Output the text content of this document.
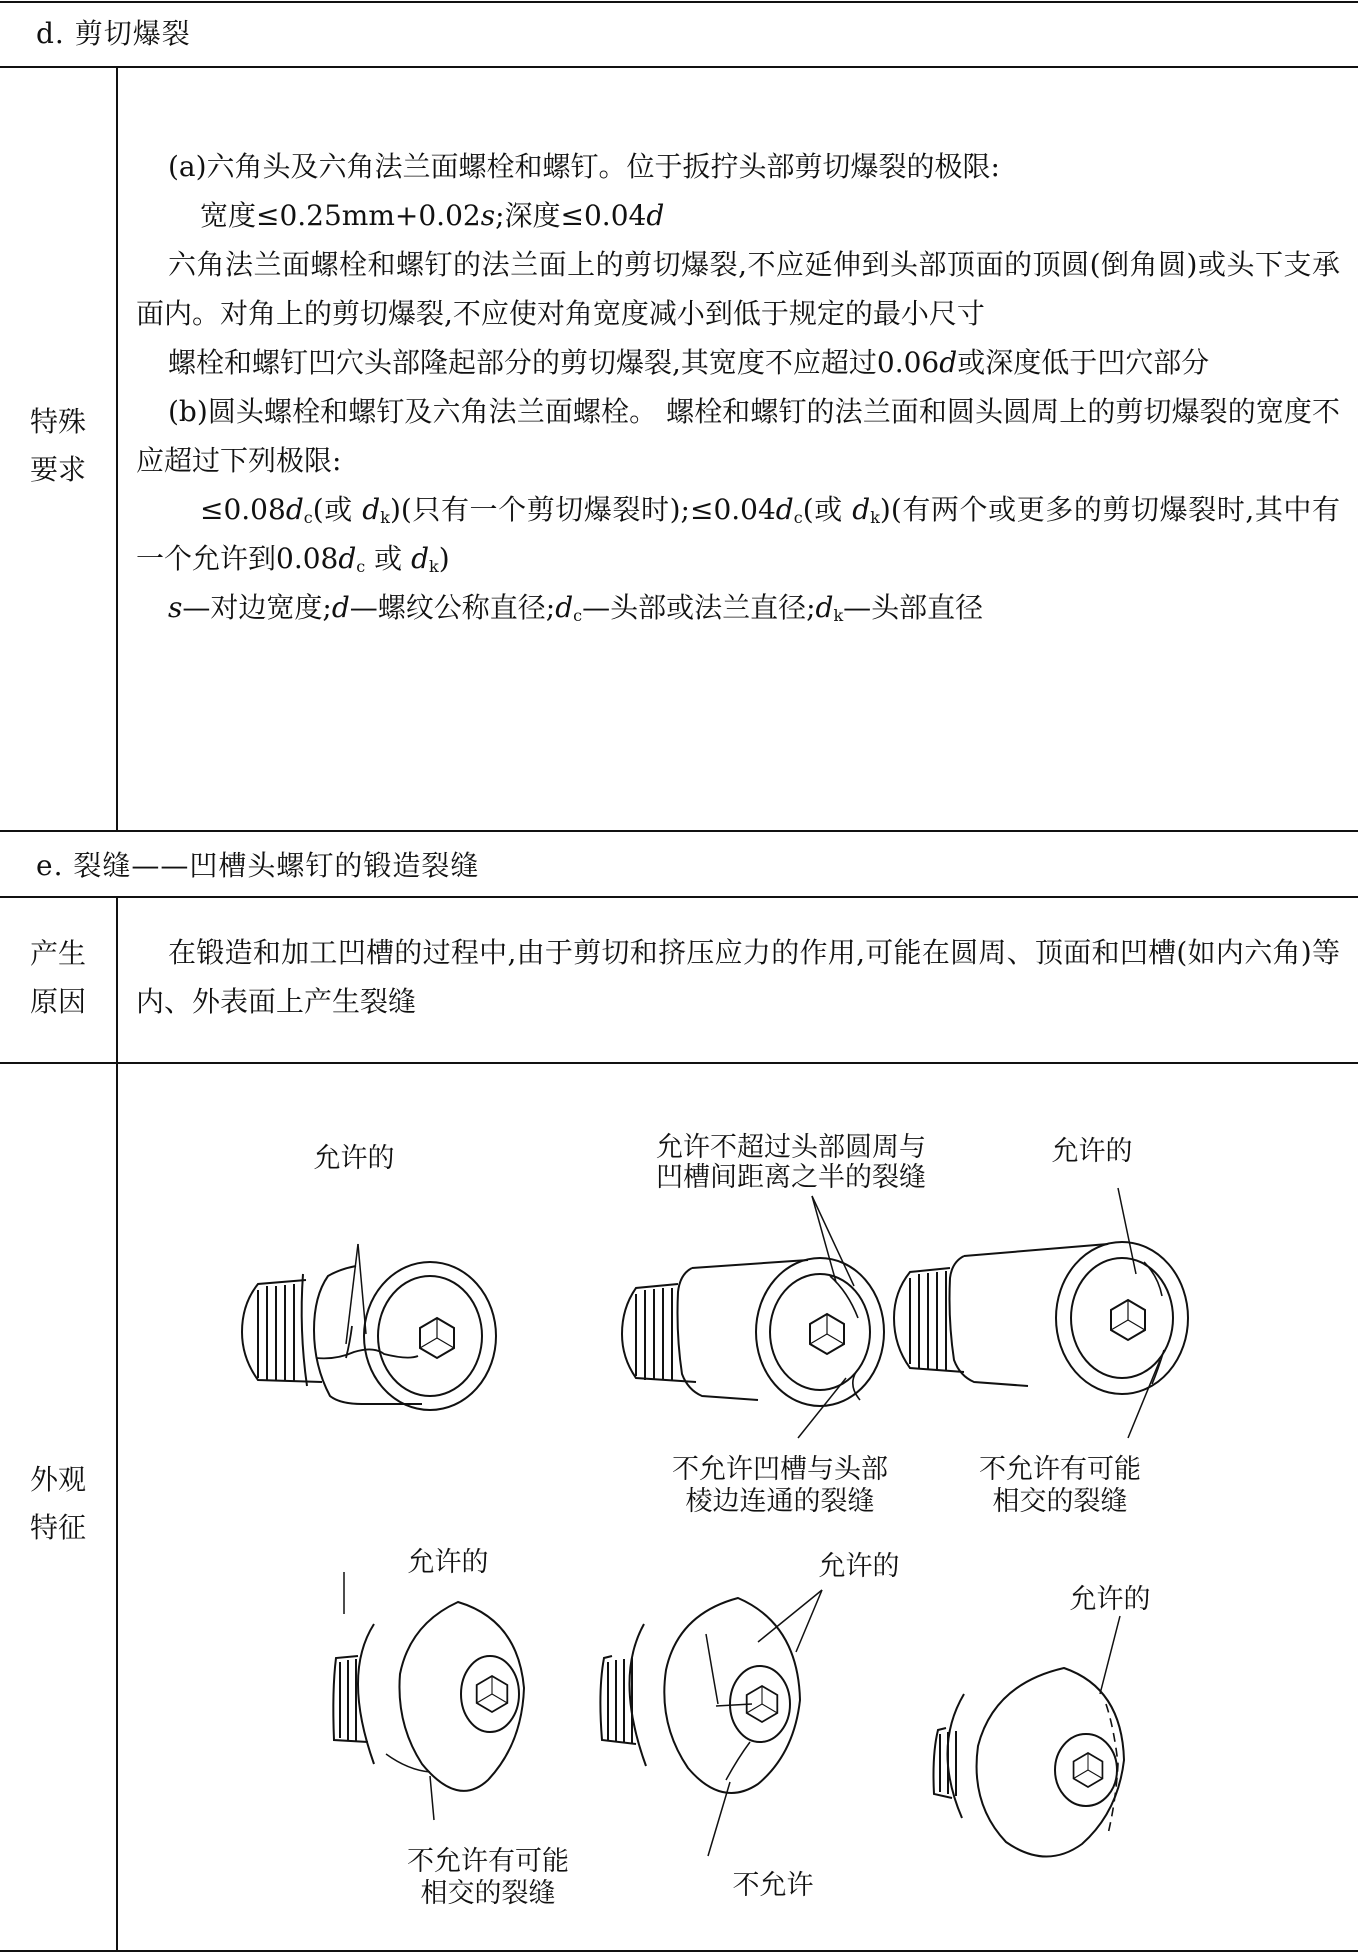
d. 剪切爆裂
特殊
要求

(a)六角头及六角法兰面螺栓和螺钉。位于扳拧头部剪切爆裂的极限:

宽度≤0.25mm+0.02s;深度≤0.04d

六角法兰面螺栓和螺钉的法兰面上的剪切爆裂,不应延伸到头部顶面的顶圆(倒角圆)或头下支承面内。对角上的剪切爆裂,不应使对角宽度减小到低于规定的最小尺寸

螺栓和螺钉凹穴头部隆起部分的剪切爆裂,其宽度不应超过0.06d或深度低于凹穴部分

(b)圆头螺栓和螺钉及六角法兰面螺栓。 螺栓和螺钉的法兰面和圆头圆周上的剪切爆裂的宽度不应超过下列极限:

$\le 0.08d_c$(或 $d_k$)(只有一个剪切爆裂时)$;\le 0.04d_c$(或 $d_k$)(有两个或更多的剪切爆裂时,其中有一个允许到$0.08d_c$ 或 $d_k$)

s—对边宽度;d—螺纹公称直径$;d_c—$头部或法兰直径$;d_k—$头部直径

e. 裂缝——凹槽头螺钉的锻造裂缝
产生
原因

在锻造和加工凹槽的过程中,由于剪切和挤压应力的作用,可能在圆周、顶面和凹槽(如内六角)等内、外表面上产生裂缝

外观
特征
允许的	允许不超过头部圆周与
凹槽间距离之半的裂缝
不允许凹槽与头部
棱边连通的裂缝
允许的
不允许有可能
相交的裂缝
允许的
不允许有可能
相交的裂缝
允许的
不允许
允许的
